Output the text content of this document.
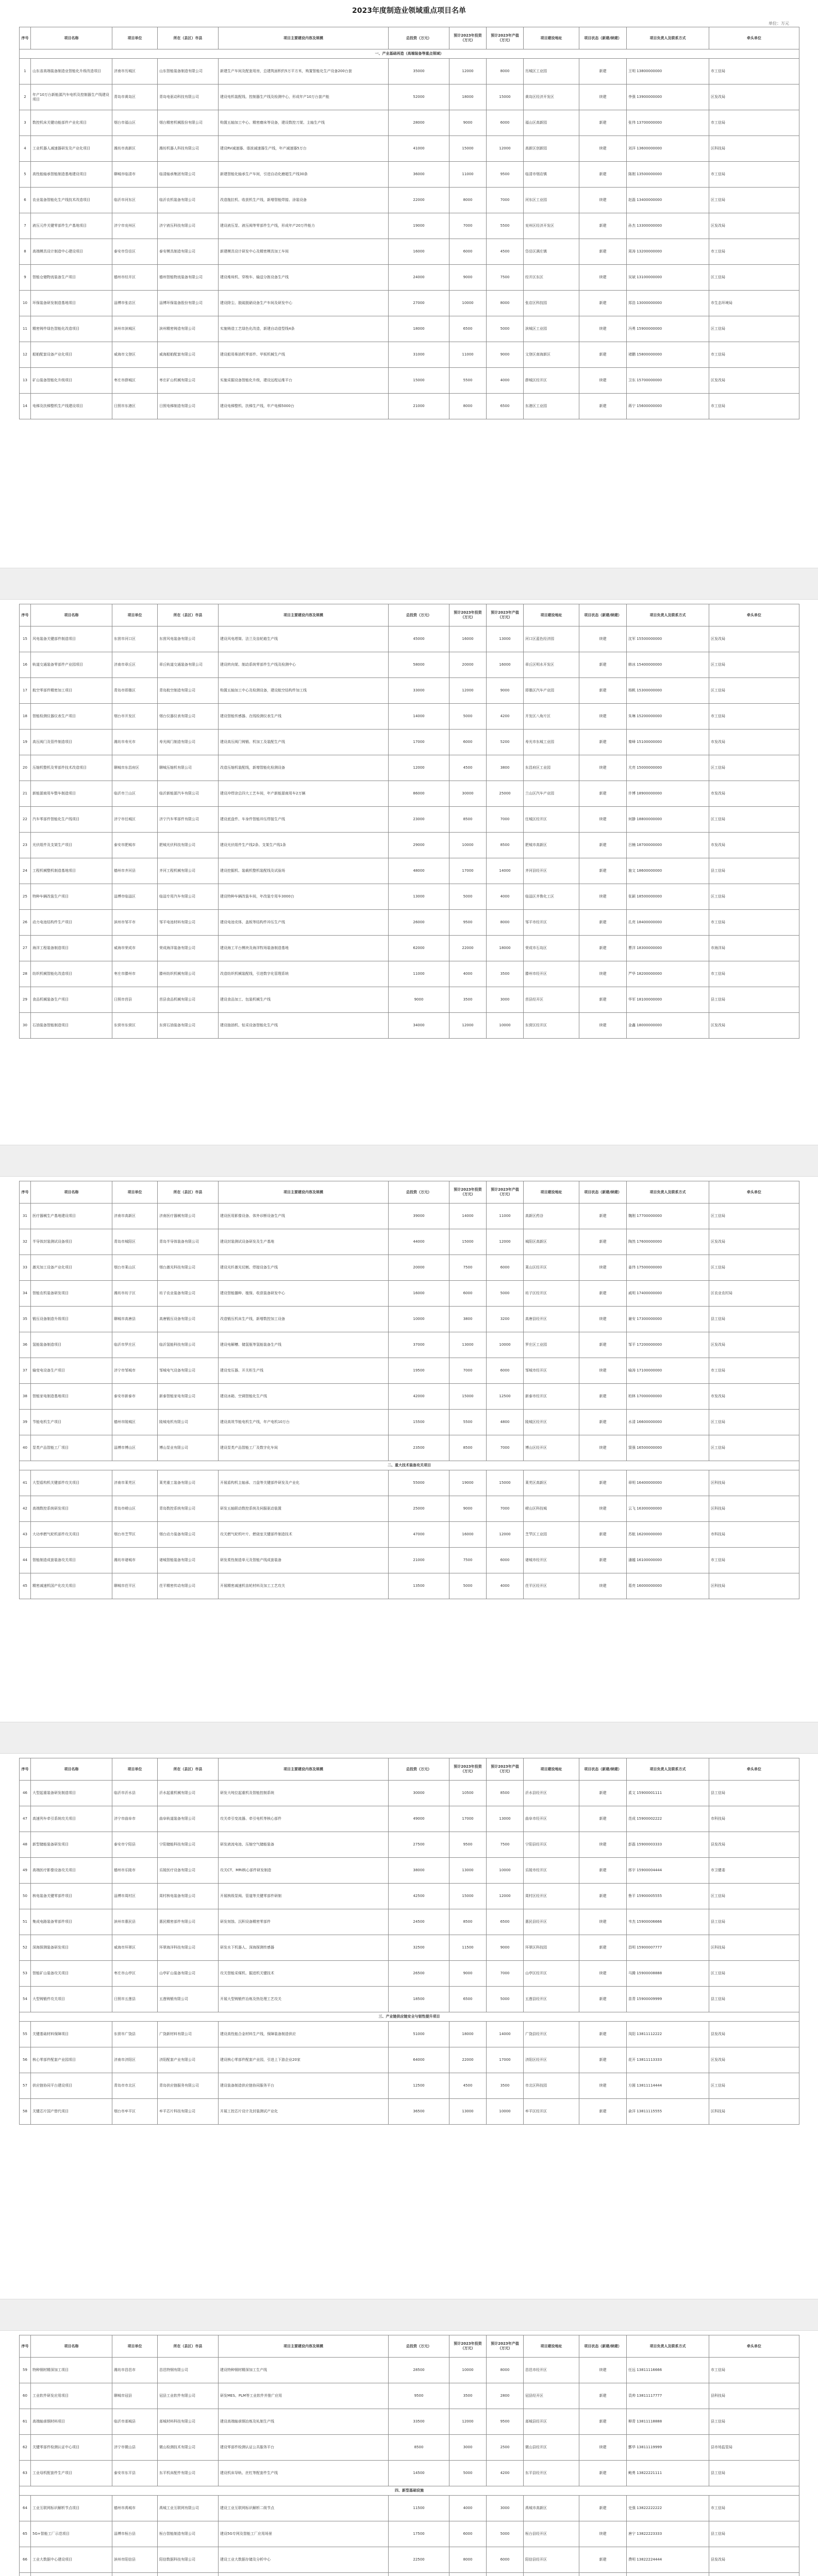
2023年度制造业领域重点项目名单
单位：万元
序号	项目名称	项目单位	所在（县区）市县	项目主要建设内容及规模	总投资（万元）	预计2023年投资（万元）	预计2023年产值（万元）	项目建设地址	项目状态（新建/续建）	项目负责人及联系方式	牵头单位
一、产业基础再造（高端装备等重点领域）											
1	山东省高端装备制造业智能化升级改造项目	济南市历城区	山东智能装备制造有限公司	新建生产车间及配套用房，总建筑面积约5万平方米，购置智能化生产设备200台套	35000	12000	8000	历城区工业园	新建	王明 13800000000	市工信局
2	年产10万台新能源汽车电机及控制器生产线建设项目	青岛市黄岛区	青岛电驱动科技有限公司	建设电机装配线、控制器生产线及检测中心，形成年产10万台套产能	52000	18000	15000	黄岛区经济开发区	续建	李强 13900000000	区发改局
3	数控机床关键功能部件产业化项目	烟台市福山区	烟台精密机械股份有限公司	购置五轴加工中心、精密磨床等设备，建设数控刀架、主轴生产线	28000	9000	6000	福山区高新园	新建	张伟 13700000000	市工信局
4	工业机器人减速器研发及产业化项目	潍坊市高新区	潍坊机器人科技有限公司	建设RV减速器、谐波减速器生产线，年产减速器5万台	41000	15000	12000	高新区创新园	续建	刘洋 13600000000	区科技局
5	高性能轴承智能制造基地建设项目	聊城市临清市	临清轴承集团有限公司	新建智能化轴承生产车间，引进自动化磨超生产线30条	36000	11000	9500	临清市烟店镇	新建	陈刚 13500000000	市工信局
6	农业装备智能化生产线技术改造项目	临沂市河东区	临沂农机装备有限公司	改造拖拉机、收获机生产线，新增智能焊接、涂装设备	22000	8000	7000	河东区工业园	续建	赵磊 13400000000	区工信局
7	液压元件关键零部件生产基地项目	济宁市兖州区	济宁液压科技有限公司	建设液压泵、液压阀等零部件生产线，形成年产20万件能力	19000	7000	5500	兖州区经济开发区	新建	孙杰 13300000000	区发改局
8	高端模具设计制造中心建设项目	泰安市岱岳区	泰安模具制造有限公司	新建模具设计研发中心及精密模具加工车间	16000	6000	4500	岱岳区满庄镇	新建	周涛 13200000000	市工信局
9	智能仓储物流装备生产项目	德州市经开区	德州智能物流装备有限公司	建设堆垛机、穿梭车、输送分拣设备生产线	24000	9000	7500	经开区东区	续建	吴斌 13100000000	区工信局
10	环保装备研发制造基地项目	淄博市张店区	淄博环保装备股份有限公司	建设除尘、脱硫脱硝设备生产车间及研发中心	27000	10000	8000	张店区科技园	新建	郑浩 13000000000	市生态环境局
11	精密铸件绿色智能化改造项目	滨州市滨城区	滨州精密铸造有限公司	实施铸造工艺绿色化改造，新建自动造型线4条	18000	6500	5000	滨城区工业园	续建	冯勇 15900000000	区工信局
12	船舶配套设备产业化项目	威海市文登区	威海船舶配套有限公司	建设船用柴油机零部件、甲板机械生产线	31000	11000	9000	文登区南海新区	新建	褚鹏 15800000000	市工信局
13	矿山装备智能化升级项目	枣庄市薛城区	枣庄矿山机械有限公司	实施采掘设备智能化升级，建设远程运维平台	15000	5500	4000	薛城区经开区	续建	卫东 15700000000	区发改局
14	电梯及扶梯整机生产线建设项目	日照市东港区	日照电梯制造有限公司	建设电梯整机、扶梯生产线，年产电梯5000台	21000	8000	6500	东港区工业园	新建	蒋宁 15600000000	市工信局
序号	项目名称	项目单位	所在（县区）市县	项目主要建设内容及规模	总投资（万元）	预计2023年投资（万元）	预计2023年产值（万元）	项目建设地址	项目状态（新建/续建）	项目负责人及联系方式	牵头单位
15	风电装备关键部件制造项目	东营市河口区	东营风电装备有限公司	建设风电塔筒、法兰及齿轮箱生产线	45000	16000	13000	河口区蓝色经济园	续建	沈军 15500000000	区发改局
16	轨道交通装备零部件产业园项目	济南市章丘区	章丘轨道交通装备有限公司	建设转向架、制动系统零部件生产线及检测中心	58000	20000	16000	章丘区明水开发区	新建	韩冰 15400000000	区工信局
17	航空零部件精密加工项目	青岛市即墨区	青岛航空制造有限公司	购置五轴加工中心及检测设备，建设航空结构件加工线	33000	12000	9000	即墨区汽车产业园	新建	杨帆 15300000000	区工信局
18	智能检测仪器仪表生产项目	烟台市开发区	烟台仪器仪表有限公司	建设智能传感器、在线检测仪表生产线	14000	5000	4200	开发区八角片区	续建	朱琳 15200000000	市工信局
19	高压阀门及管件制造项目	潍坊市寿光市	寿光阀门制造有限公司	建设高压阀门铸锻、机加工及装配生产线	17000	6000	5200	寿光市东城工业园	新建	秦峰 15100000000	市发改局
20	压缩机整机及零部件技术改造项目	聊城市东昌府区	聊城压缩机有限公司	改造压缩机装配线，新增智能化检测设备	12000	4500	3800	东昌府区工业园	续建	尤亮 15000000000	区工信局
21	新能源商用车整车制造项目	临沂市兰山区	临沂新能源汽车有限公司	建设冲焊涂总四大工艺车间，年产新能源商用车2万辆	86000	30000	25000	兰山区汽车产业园	新建	许博 18900000000	市发改局
22	汽车零部件智能化生产线项目	济宁市任城区	济宁汽车零部件有限公司	建设底盘件、车身件智能冲压焊接生产线	23000	8500	7000	任城区经开区	续建	何静 18800000000	区工信局
23	光伏组件及支架生产项目	泰安市肥城市	肥城光伏科技有限公司	建设光伏组件生产线2条、支架生产线1条	29000	10000	8500	肥城市高新区	新建	吕楠 18700000000	市发改局
24	工程机械整机制造基地项目	德州市齐河县	齐河工程机械有限公司	建设挖掘机、装载机整机装配线及试验场	48000	17000	14000	齐河县经开区	新建	施文 18600000000	县工信局
25	特种车辆改装生产项目	淄博市临淄区	临淄专用汽车有限公司	建设特种车辆改装车间，年改装专用车3000台	13000	5000	4000	临淄区齐鲁化工区	续建	张颖 18500000000	区工信局
26	动力电池结构件生产项目	滨州市邹平市	邹平电池材料有限公司	建设电池壳体、盖板等结构件冲压生产线	26000	9500	8000	邹平市经开区	新建	孔亮 18400000000	市工信局
27	海洋工程装备制造项目	威海市荣成市	荣成海洋装备有限公司	建设海工平台模块及海洋牧场装备制造基地	62000	22000	18000	荣成市石岛区	新建	曹洋 18300000000	市海洋局
28	纺织机械智能化改造项目	枣庄市滕州市	滕州纺织机械有限公司	改造纺织机械装配线，引进数字化管理系统	11000	4000	3500	滕州市经开区	续建	严华 18200000000	市工信局
29	食品机械装备生产项目	日照市莒县	莒县食品机械有限公司	建设食品加工、包装机械生产线	9000	3500	3000	莒县经开区	新建	华军 18100000000	县工信局
30	石油装备智能制造项目	东营市东营区	东营石油装备有限公司	建设抽油机、钻采设备智能化生产线	34000	12000	10000	东营区经开区	续建	金鑫 18000000000	区发改局
序号	项目名称	项目单位	所在（县区）市县	项目主要建设内容及规模	总投资（万元）	预计2023年投资（万元）	预计2023年产值（万元）	项目建设地址	项目状态（新建/续建）	项目负责人及联系方式	牵头单位
31	医疗器械生产基地建设项目	济南市高新区	济南医疗器械有限公司	建设医用影像设备、体外诊断设备生产线	39000	14000	11000	高新区药谷	新建	魏刚 17700000000	区工信局
32	半导体封装测试设备项目	青岛市城阳区	青岛半导体装备有限公司	建设封装测试设备研发及生产基地	44000	15000	12000	城阳区高新区	新建	陶然 17600000000	区发改局
33	激光加工设备产业化项目	烟台市莱山区	烟台激光科技有限公司	建设光纤激光切割、焊接设备生产线	20000	7500	6000	莱山区经开区	续建	姜伟 17500000000	区工信局
34	智能农机装备研发项目	潍坊市坊子区	坊子农业装备有限公司	建设智能播种、植保、收获装备研发中心	16000	6000	5000	坊子区经开区	新建	戚明 17400000000	区农业农村局
35	锻压设备制造升级项目	聊城市高唐县	高唐锻压设备有限公司	改造锻压机床生产线，新增数控加工设备	10000	3800	3200	高唐县经开区	续建	谢安 17300000000	县工信局
36	氢能装备制造项目	临沂市罗庄区	临沂氢能科技有限公司	建设电解槽、储氢瓶等氢能装备生产线	37000	13000	10000	罗庄区工业园	新建	邹平 17200000000	区发改局
37	输变电设备生产项目	济宁市邹城市	邹城电气设备有限公司	建设变压器、开关柜生产线	19500	7000	6000	邹城市经开区	续建	喻涛 17100000000	市工信局
38	智能家电制造基地项目	泰安市新泰市	新泰智能家电有限公司	建设冰箱、空调智能化生产线	42000	15000	12500	新泰市经开区	新建	柏林 17000000000	市发改局
39	节能电机生产项目	德州市陵城区	陵城电机有限公司	建设高效节能电机生产线，年产电机10万台	15500	5500	4800	陵城区经开区	新建	水清 16600000000	区工信局
40	泵类产品智能工厂项目	淄博市博山区	博山泵业有限公司	建设泵类产品智能工厂及数字化车间	23500	8500	7000	博山区经开区	续建	窦强 16500000000	区工信局
二、重大技术装备攻关项目											
41	大型盾构机关键部件攻关项目	济南市莱芜区	莱芜重工装备有限公司	开展盾构机主轴承、刀盘等关键部件研发及产业化	55000	19000	15000	莱芜区高新区	新建	章明 16400000000	区科技局
42	高端数控系统研发项目	青岛市崂山区	青岛数控系统有限公司	研发五轴联动数控系统及伺服驱动装置	25000	9000	7000	崂山区科技城	续建	云飞 16300000000	区科技局
43	大功率燃气轮机部件攻关项目	烟台市芝罘区	烟台动力装备有限公司	攻关燃气轮机叶片、燃烧室关键部件制造技术	47000	16000	12000	芝罘区工业园	新建	苏航 16200000000	市科技局
44	智能制造成套装备攻关项目	潍坊市诸城市	诸城智能装备有限公司	研发柔性制造单元及智能产线成套装备	21000	7500	6000	诸城市经开区	新建	潘越 16100000000	市工信局
45	精密减速机国产化攻关项目	聊城市茌平区	茌平精密传动有限公司	开展精密减速机齿轮材料及加工工艺攻关	13500	5000	4000	茌平区经开区	续建	葛亮 16000000000	区科技局
序号	项目名称	项目单位	所在（县区）市县	项目主要建设内容及规模	总投资（万元）	预计2023年投资（万元）	预计2023年产值（万元）	项目建设地址	项目状态（新建/续建）	项目负责人及联系方式	牵头单位
46	大型起重装备研发制造项目	临沂市沂水县	沂水起重机械有限公司	研发大吨位起重机及智能控制系统	30000	10500	8500	沂水县经开区	新建	奚文 15900001111	县工信局
47	高速列车牵引系统攻关项目	济宁市曲阜市	曲阜轨道装备有限公司	攻关牵引变流器、牵引电机等核心部件	49000	17000	13000	曲阜市经开区	新建	范成 15900002222	市科技局
48	新型储能装备研发项目	泰安市宁阳县	宁阳储能科技有限公司	研发液流电池、压缩空气储能装备	27500	9500	7500	宁阳县经开区	续建	彭磊 15900003333	县发改局
49	高端医疗影像设备攻关项目	德州市乐陵市	乐陵医疗设备有限公司	攻关CT、MRI核心部件研发制造	38000	13000	10000	乐陵市经开区	新建	郎宇 15900004444	市卫健委
50	核电装备关键零部件项目	淄博市周村区	周村核电装备有限公司	开展核级泵阀、管道等关键零部件研制	42500	15000	12000	周村区经开区	新建	鲁平 15900005555	区工信局
51	集成电路装备零部件项目	滨州市惠民县	惠民精密部件有限公司	研发刻蚀、沉积设备精密零部件	24500	8500	6500	惠民县经开区	续建	韦杰 15900006666	县工信局
52	深海探测装备研发项目	威海市环翠区	环翠海洋科技有限公司	研发水下机器人、深海探测传感器	32500	11500	9000	环翠区科技园	新建	昌明 15900007777	区科技局
53	智能矿山装备攻关项目	枣庄市山亭区	山亭矿山装备有限公司	攻关智能采煤机、掘进机关键技术	26500	9000	7000	山亭区经开区	续建	马腾 15900008888	区工信局
54	大型铸锻件攻关项目	日照市五莲县	五莲铸锻有限公司	开展大型铸锻件冶炼及热处理工艺攻关	18500	6500	5000	五莲县经开区	新建	苗青 15900009999	县工信局
三、产业链供应链安全与韧性提升项目											
55	关键基础材料保障项目	东营市广饶县	广饶新材料有限公司	建设高性能合金材料生产线，保障装备制造供应	51000	18000	14000	广饶县经开区	新建	凤阳 13811112222	县发改局
56	核心零部件配套产业园项目	济南市济阳区	济阳配套产业有限公司	建设核心零部件配套产业园，引进上下游企业20家	64000	22000	17000	济阳区经开区	新建	花开 13811113333	区发改局
57	供应链协同平台建设项目	青岛市市北区	青岛供应链服务有限公司	建设装备制造供应链协同服务平台	12500	4500	3500	市北区科技园	续建	方圆 13811114444	区工信局
58	关键芯片国产替代项目	烟台市牟平区	牟平芯片科技有限公司	开展工控芯片设计及封装测试产业化	36500	13000	10000	牟平区经开区	新建	俞洋 13811115555	区科技局
序号	项目名称	项目单位	所在（县区）市县	项目主要建设内容及规模	总投资（万元）	预计2023年投资（万元）	预计2023年产值（万元）	项目建设地址	项目状态（新建/续建）	项目负责人及联系方式	牵头单位
59	特种钢材精深加工项目	潍坊市昌邑市	昌邑特钢有限公司	建设特种钢材精深加工生产线	28500	10000	8000	昌邑市经开区	续建	任远 13811116666	市工信局
60	工业软件研发应用项目	聊城市冠县	冠县工业软件有限公司	研发MES、PLM等工业软件并推广应用	9500	3500	2800	冠县经开区	新建	袁帅 13811117777	县科技局
61	高端轴承钢材料项目	临沂市郯城县	郯城材料科技有限公司	建设高端轴承钢冶炼及轧制生产线	33500	12000	9500	郯城县经开区	新建	柳青 13811118888	县工信局
62	关键零部件检测认证中心项目	济宁市微山县	微山检测技术有限公司	建设零部件检测认证公共服务平台	8500	3000	2500	微山县经开区	续建	酆华 13811119999	县市场监管局
63	工业母机配套件生产项目	泰安市东平县	东平机床配件有限公司	建设机床导轨、丝杠等配套件生产线	14500	5000	4200	东平县经开区	新建	鲍勇 13822221111	县工信局
四、新型基础设施											
64	工业互联网标识解析节点项目	德州市禹城市	禹城工业互联网有限公司	建设工业互联网标识解析二级节点	11500	4000	3000	禹城市高新区	新建	史强 13822222222	市工信局
65	5G+智能工厂示范项目	淄博市桓台县	桓台智能制造有限公司	建设5G专网及智能工厂应用场景	17500	6000	5000	桓台县经开区	续建	唐宁 13822223333	县工信局
66	工业大数据中心建设项目	滨州市阳信县	阳信数据科技有限公司	建设工业大数据存储及分析中心	22500	8000	6000	阳信县经开区	新建	费明 13822224444	县发改局
